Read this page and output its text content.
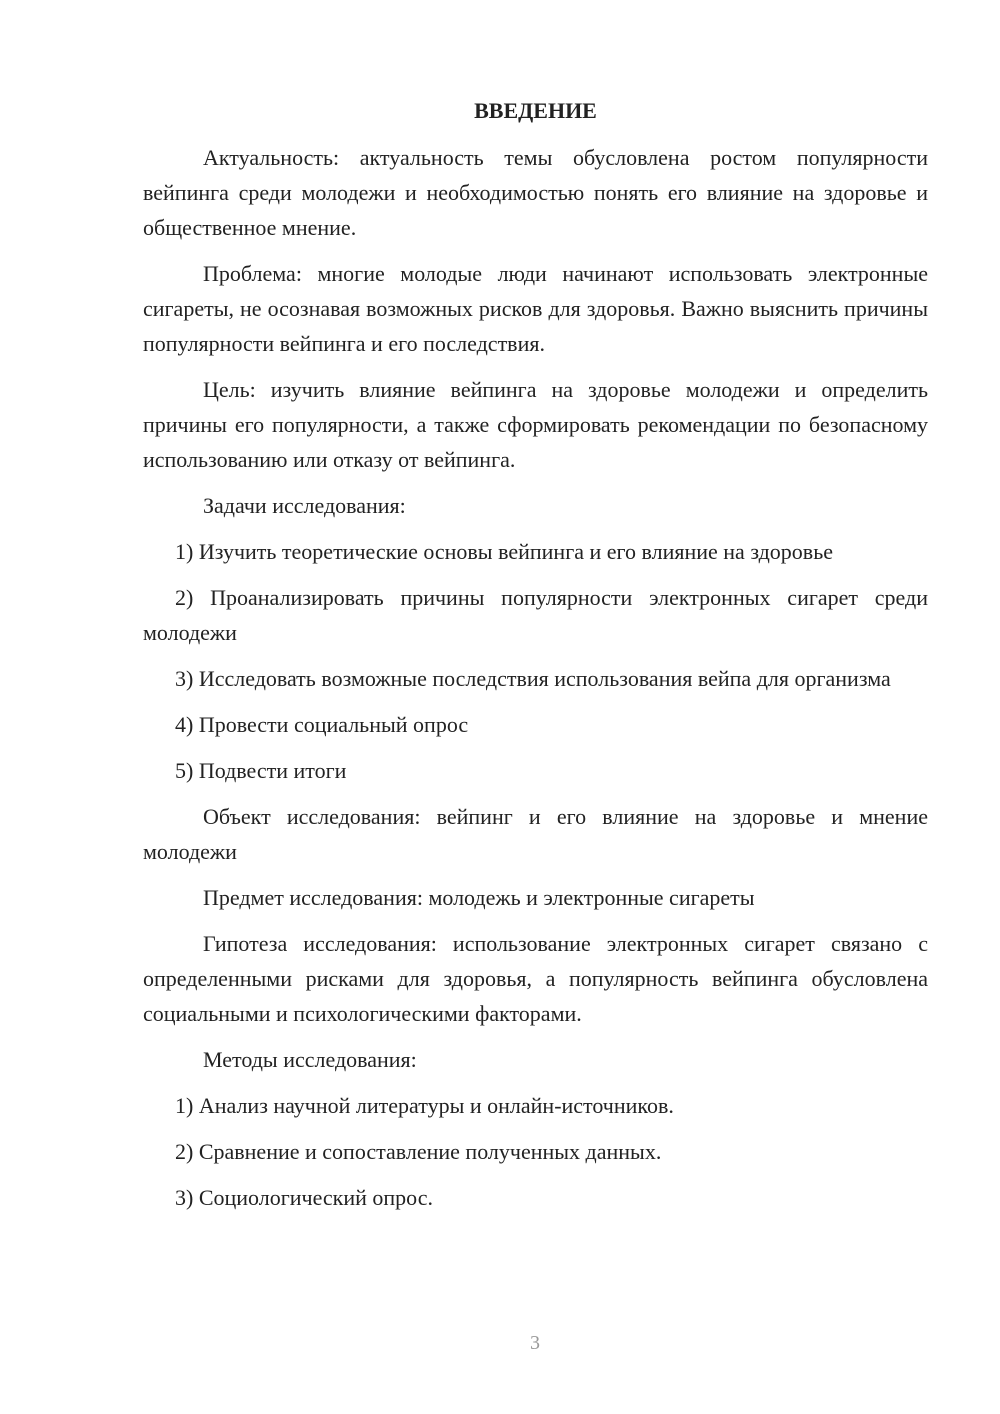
ВВЕДЕНИЕ

Актуальность: актуальность темы обусловлена ростом популярности вейпинга среди молодежи и необходимостью понять его влияние на здоровье и общественное мнение.

Проблема: многие молодые люди начинают использовать электронные сигареты, не осознавая возможных рисков для здоровья. Важно выяснить причины популярности вейпинга и его последствия.

Цель: изучить влияние вейпинга на здоровье молодежи и определить причины его популярности, а также сформировать рекомендации по безопасному использованию или отказу от вейпинга.

Задачи исследования:

1) Изучить теоретические основы вейпинга и его влияние на здоровье

2) Проанализировать причины популярности электронных сигарет среди молодежи

3) Исследовать возможные последствия использования вейпа для организма

4) Провести социальный опрос

5) Подвести итоги

Объект исследования: вейпинг и его влияние на здоровье и мнение молодежи

Предмет исследования: молодежь и электронные сигареты

Гипотеза исследования: использование электронных сигарет связано с определенными рисками для здоровья, а популярность вейпинга обусловлена социальными и психологическими факторами.

Методы исследования:

1) Анализ научной литературы и онлайн-источников.

2) Сравнение и сопоставление полученных данных.

3) Социологический опрос.

3
